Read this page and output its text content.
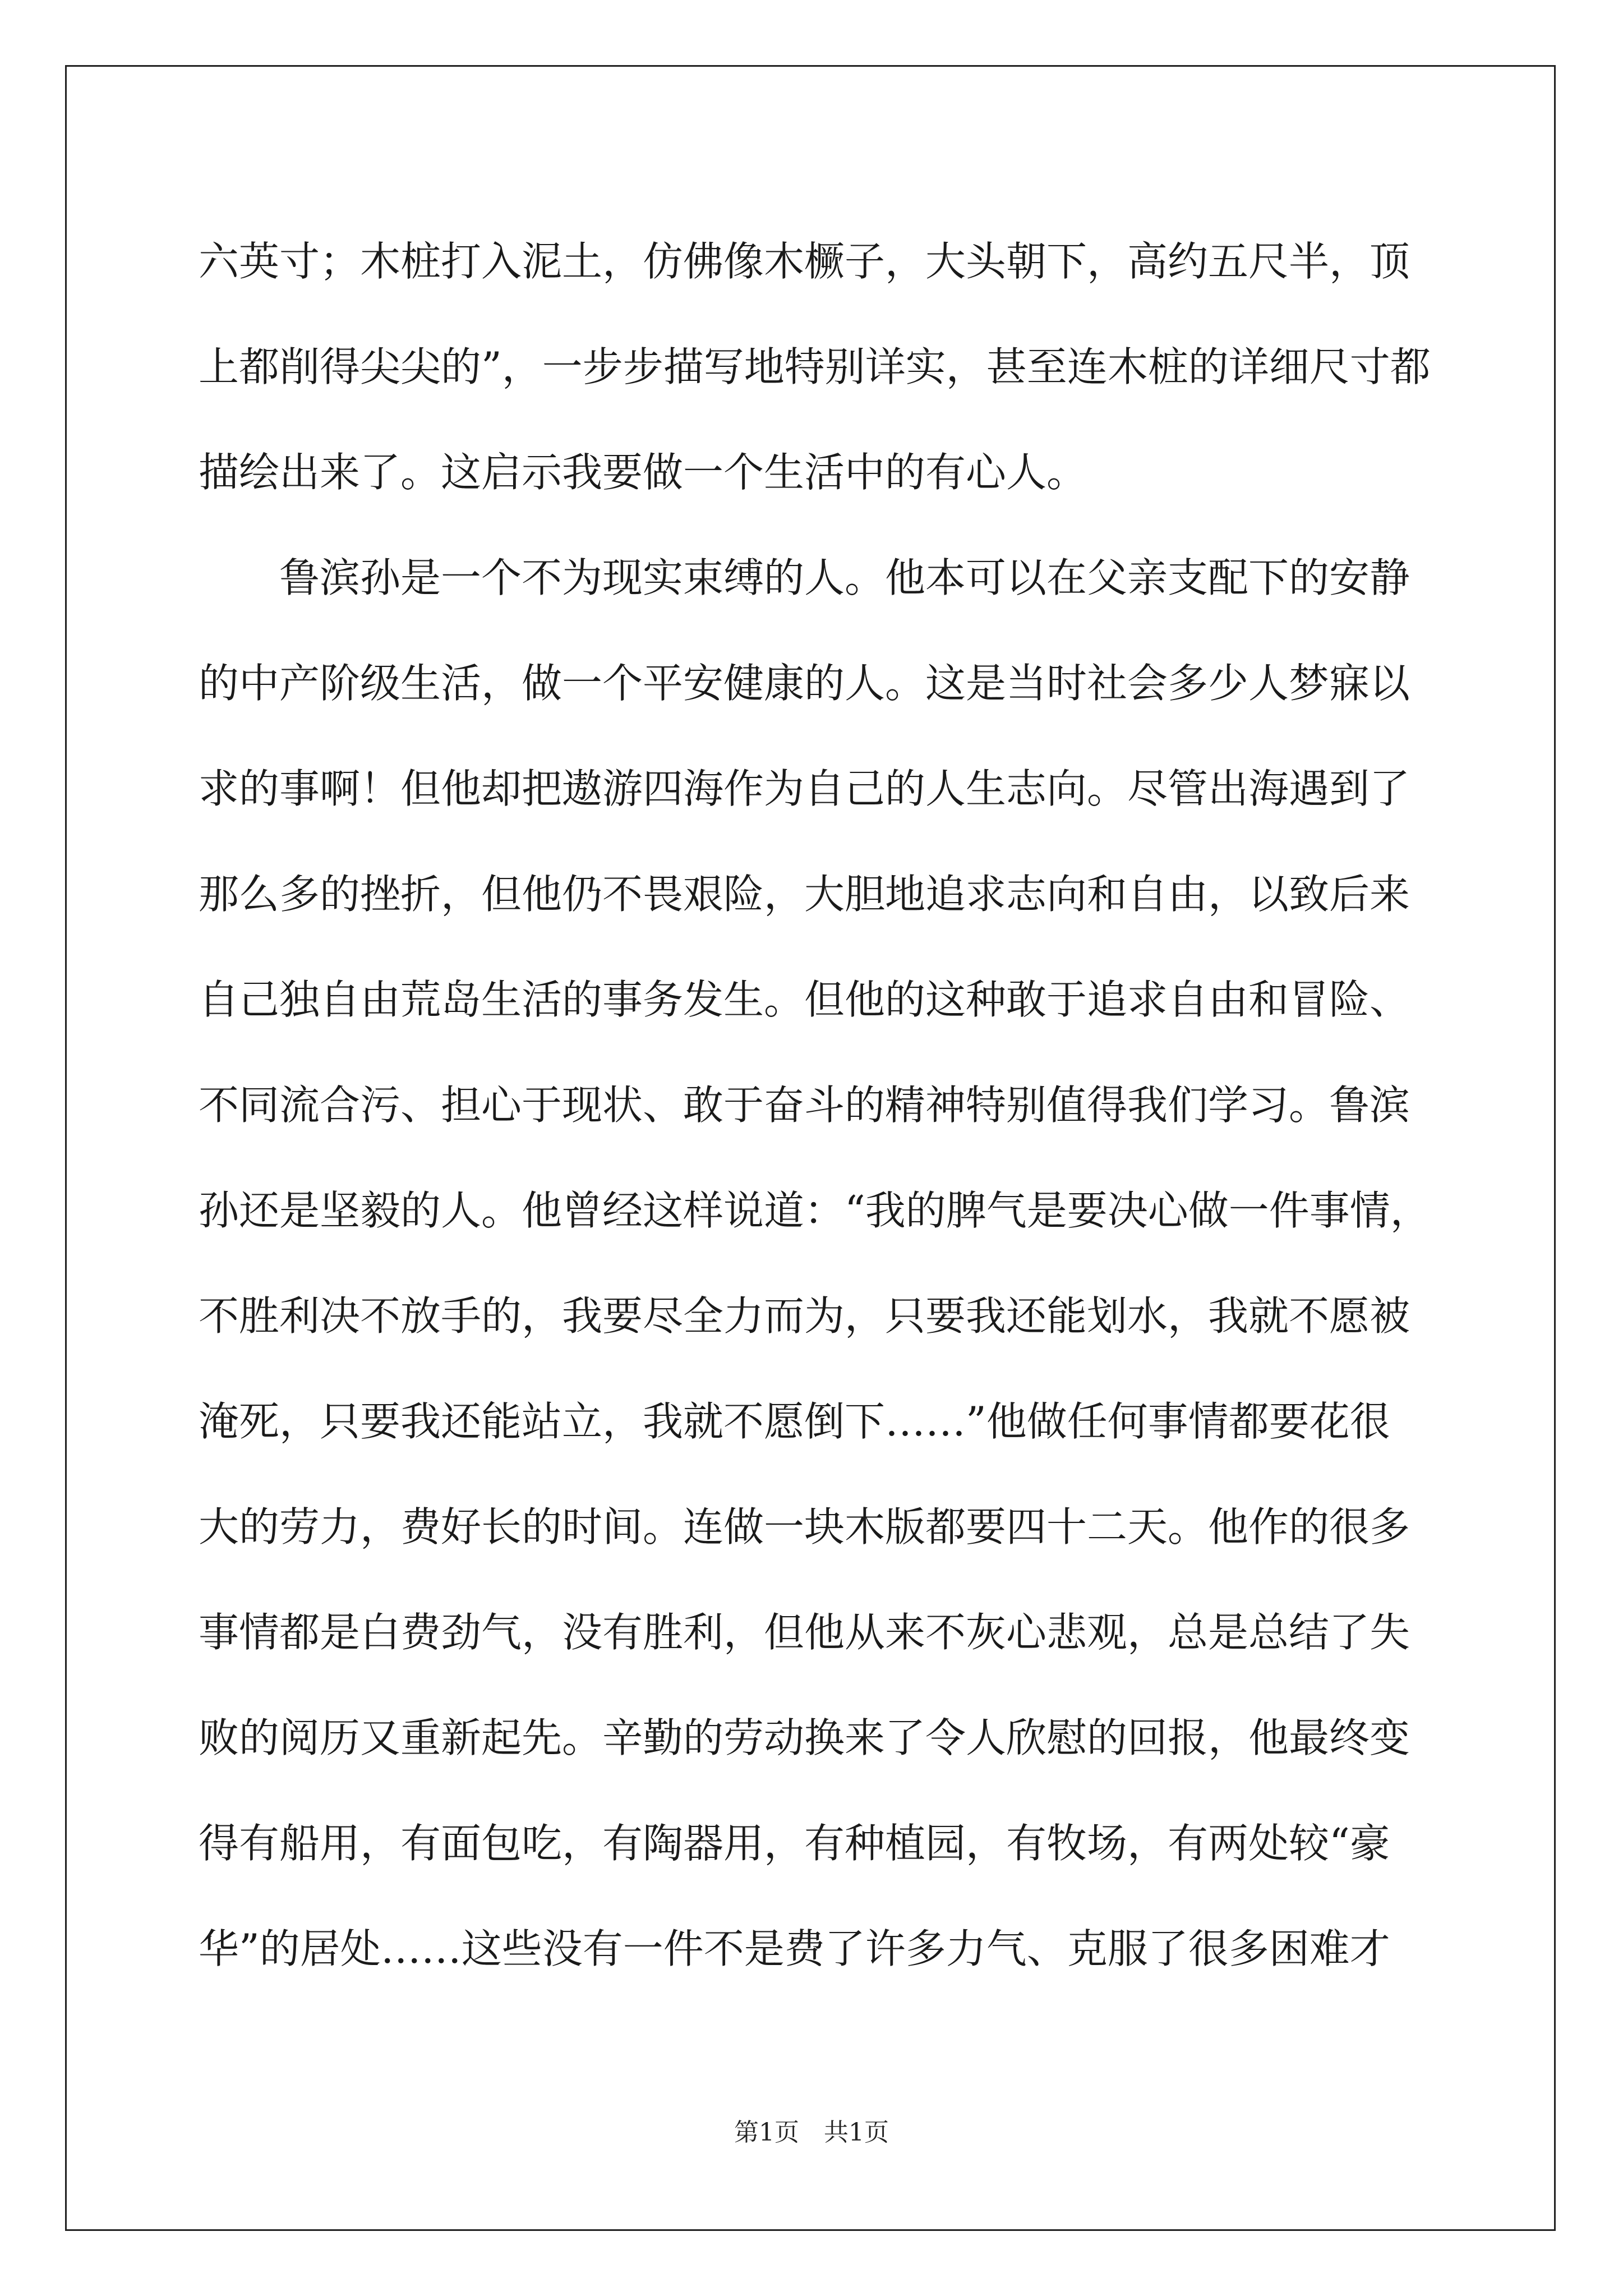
六英寸；木桩打入泥土，仿佛像木橛子，大头朝下，高约五尺半，顶
上都削得尖尖的”，一步步描写地特别详实，甚至连木桩的详细尺寸都
描绘出来了。这启示我要做一个生活中的有心人。
　　鲁滨孙是一个不为现实束缚的人。他本可以在父亲支配下的安静
的中产阶级生活，做一个平安健康的人。这是当时社会多少人梦寐以
求的事啊！但他却把遨游四海作为自己的人生志向。尽管出海遇到了
那么多的挫折，但他仍不畏艰险，大胆地追求志向和自由，以致后来
自己独自由荒岛生活的事务发生。但他的这种敢于追求自由和冒险、
不同流合污、担心于现状、敢于奋斗的精神特别值得我们学习。鲁滨
孙还是坚毅的人。他曾经这样说道：“我的脾气是要决心做一件事情，
不胜利决不放手的，我要尽全力而为，只要我还能划水，我就不愿被
淹死，只要我还能站立，我就不愿倒下……”他做任何事情都要花很
大的劳力，费好长的时间。连做一块木版都要四十二天。他作的很多
事情都是白费劲气，没有胜利，但他从来不灰心悲观，总是总结了失
败的阅历又重新起先。辛勤的劳动换来了令人欣慰的回报，他最终变
得有船用，有面包吃，有陶器用，有种植园，有牧场，有两处较“豪
华”的居处……这些没有一件不是费了许多力气、克服了很多困难才
第1页　共1页
